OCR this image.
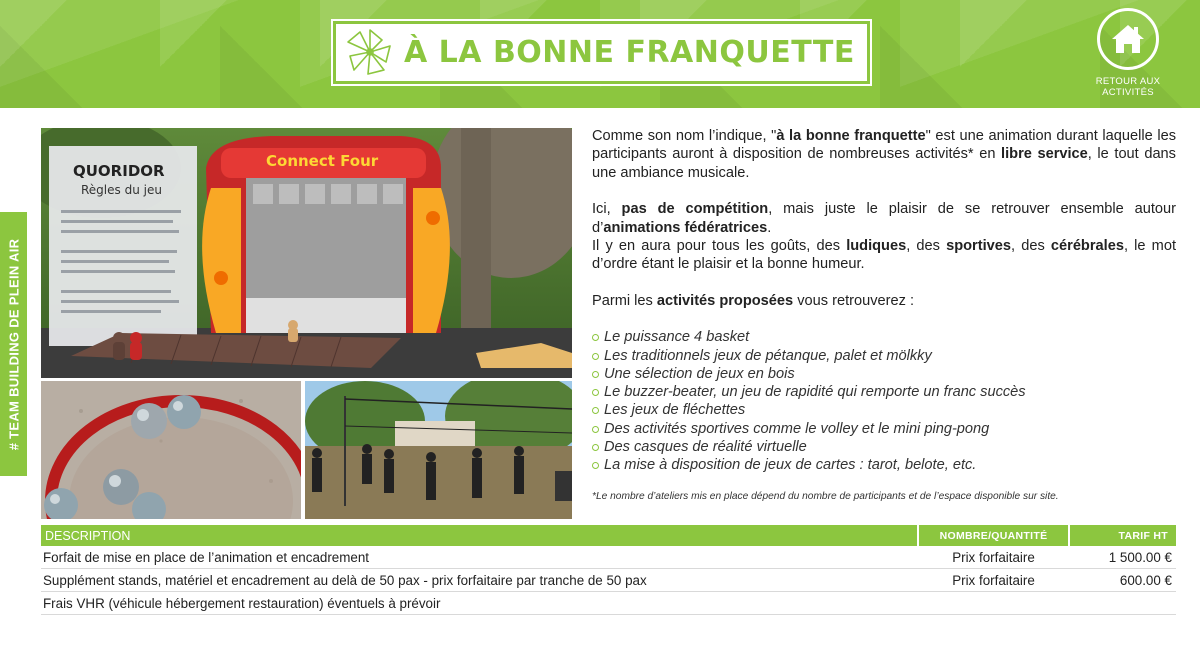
À LA BONNE FRANQUETTE
RETOUR AUX
ACTIVITÉS
# TEAM BUILDING DE PLEIN AIR
Connect Four
QUORIDOR
Règles du jeu

Comme son nom l’indique, "à la bonne franquette" est une animation durant laquelle les participants auront à disposition de nombreuses activités* en libre service, le tout dans une ambiance musicale.

Ici, pas de compétition, mais juste le plaisir de se retrouver ensemble autour d’animations fédératrices.

Il y en aura pour tous les goûts, des ludiques, des sportives, des cérébrales, le mot d’ordre étant le plaisir et la bonne humeur.

Parmi les activités proposées vous retrouverez :

Le puissance 4 basket
Les traditionnels jeux de pétanque, palet et mölkky
Une sélection de jeux en bois
Le buzzer-beater, un jeu de rapidité qui remporte un franc succès
Les jeux de fléchettes
Des activités sportives comme le volley et le mini ping-pong
Des casques de réalité virtuelle
La mise à disposition de jeux de cartes : tarot, belote, etc.
*Le nombre d’ateliers mis en place dépend du nombre de participants et de l’espace disponible sur site.
DESCRIPTION	NOMBRE/QUANTITÉ	TARIF HT
Forfait de mise en place de l’animation et encadrement	Prix forfaitaire	1 500.00 €
Supplément stands, matériel et encadrement au delà de 50 pax - prix forfaitaire par tranche de 50 pax	Prix forfaitaire	600.00 €
Frais VHR (véhicule hébergement restauration) éventuels à prévoir
